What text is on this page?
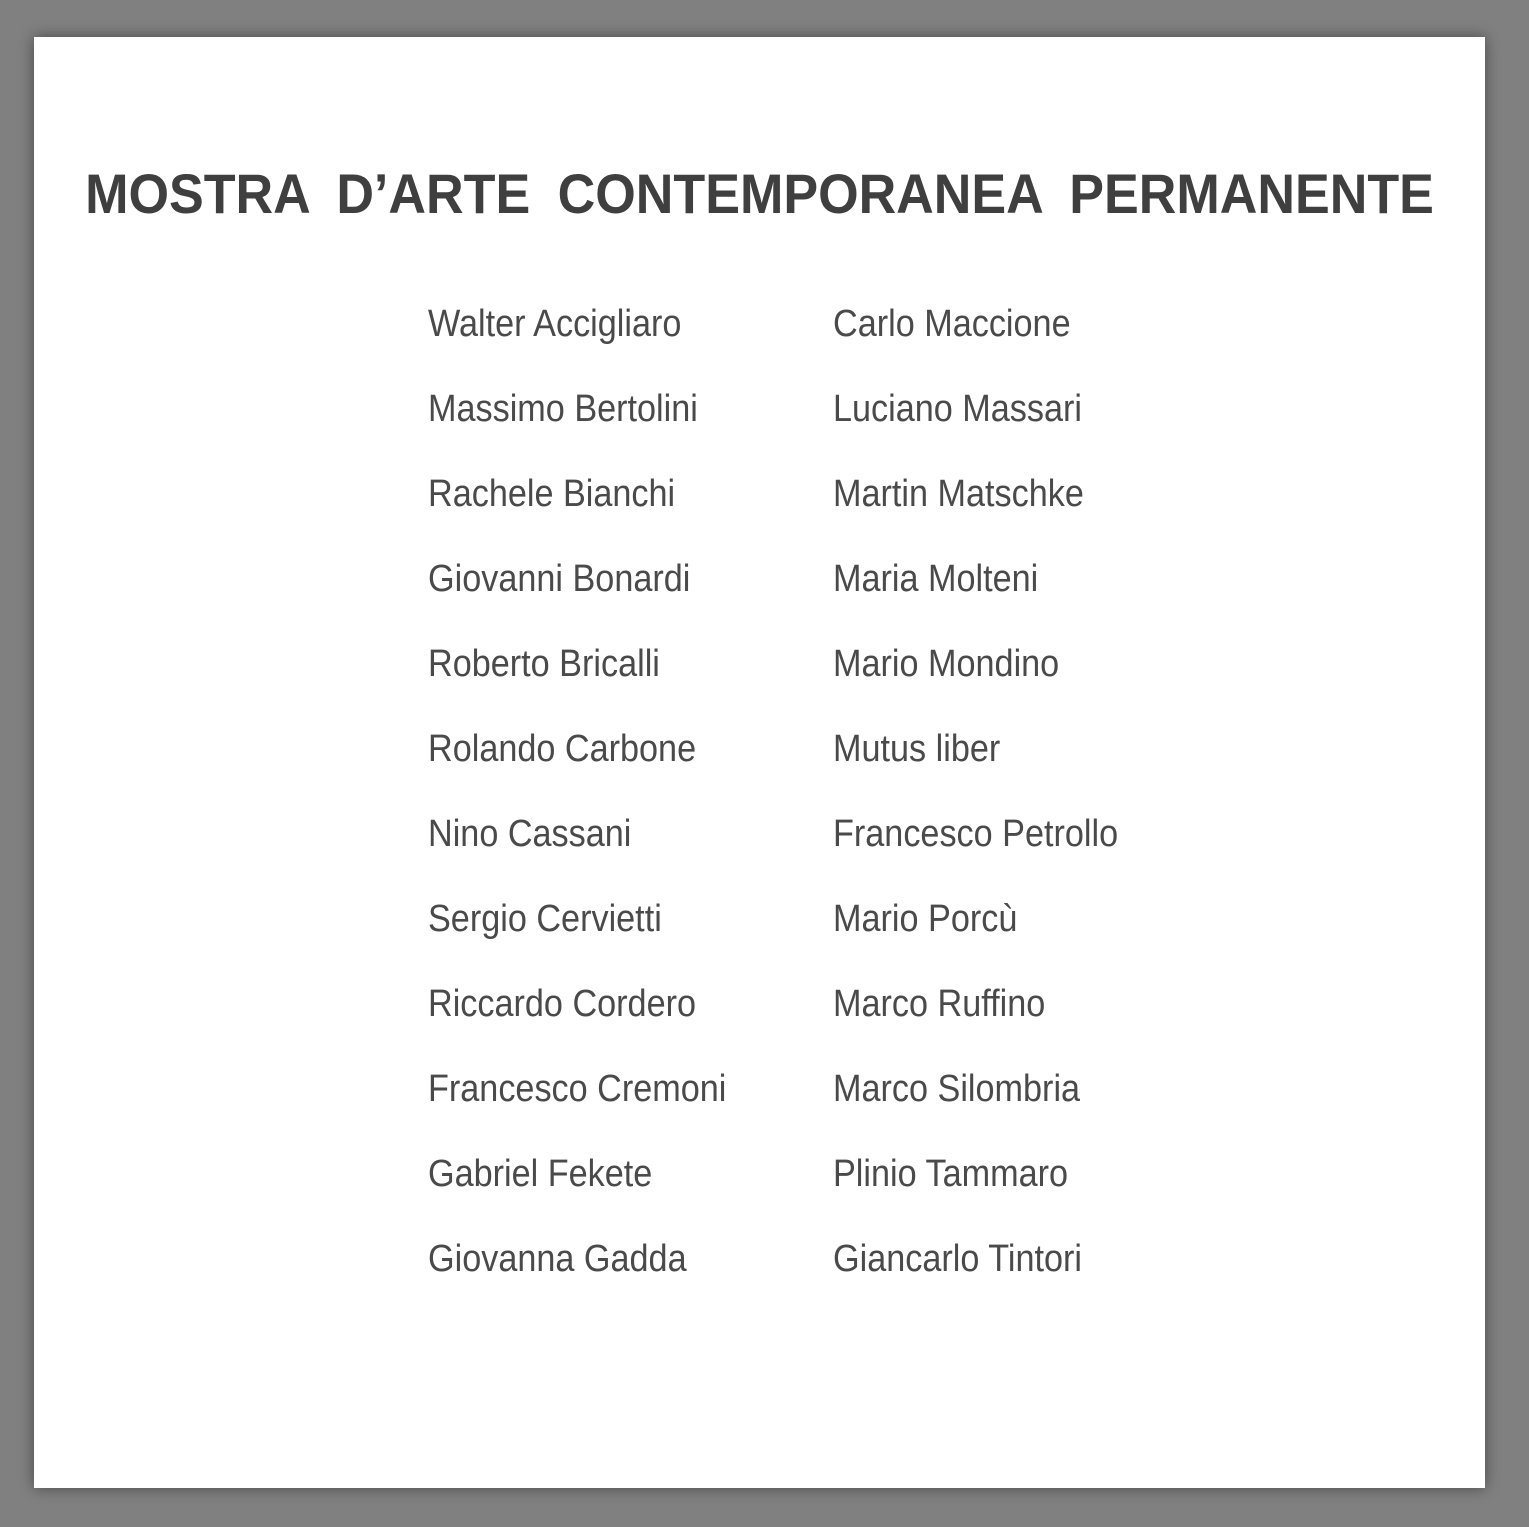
MOSTRA D’ARTE CONTEMPORANEA PERMANENTE
Walter Accigliaro
Massimo Bertolini
Rachele Bianchi
Giovanni Bonardi
Roberto Bricalli
Rolando Carbone
Nino Cassani
Sergio Cervietti
Riccardo Cordero
Francesco Cremoni
Gabriel Fekete
Giovanna Gadda
Carlo Maccione
Luciano Massari
Martin Matschke
Maria Molteni
Mario Mondino
Mutus liber
Francesco Petrollo
Mario Porcù
Marco Ruffino
Marco Silombria
Plinio Tammaro
Giancarlo Tintori
